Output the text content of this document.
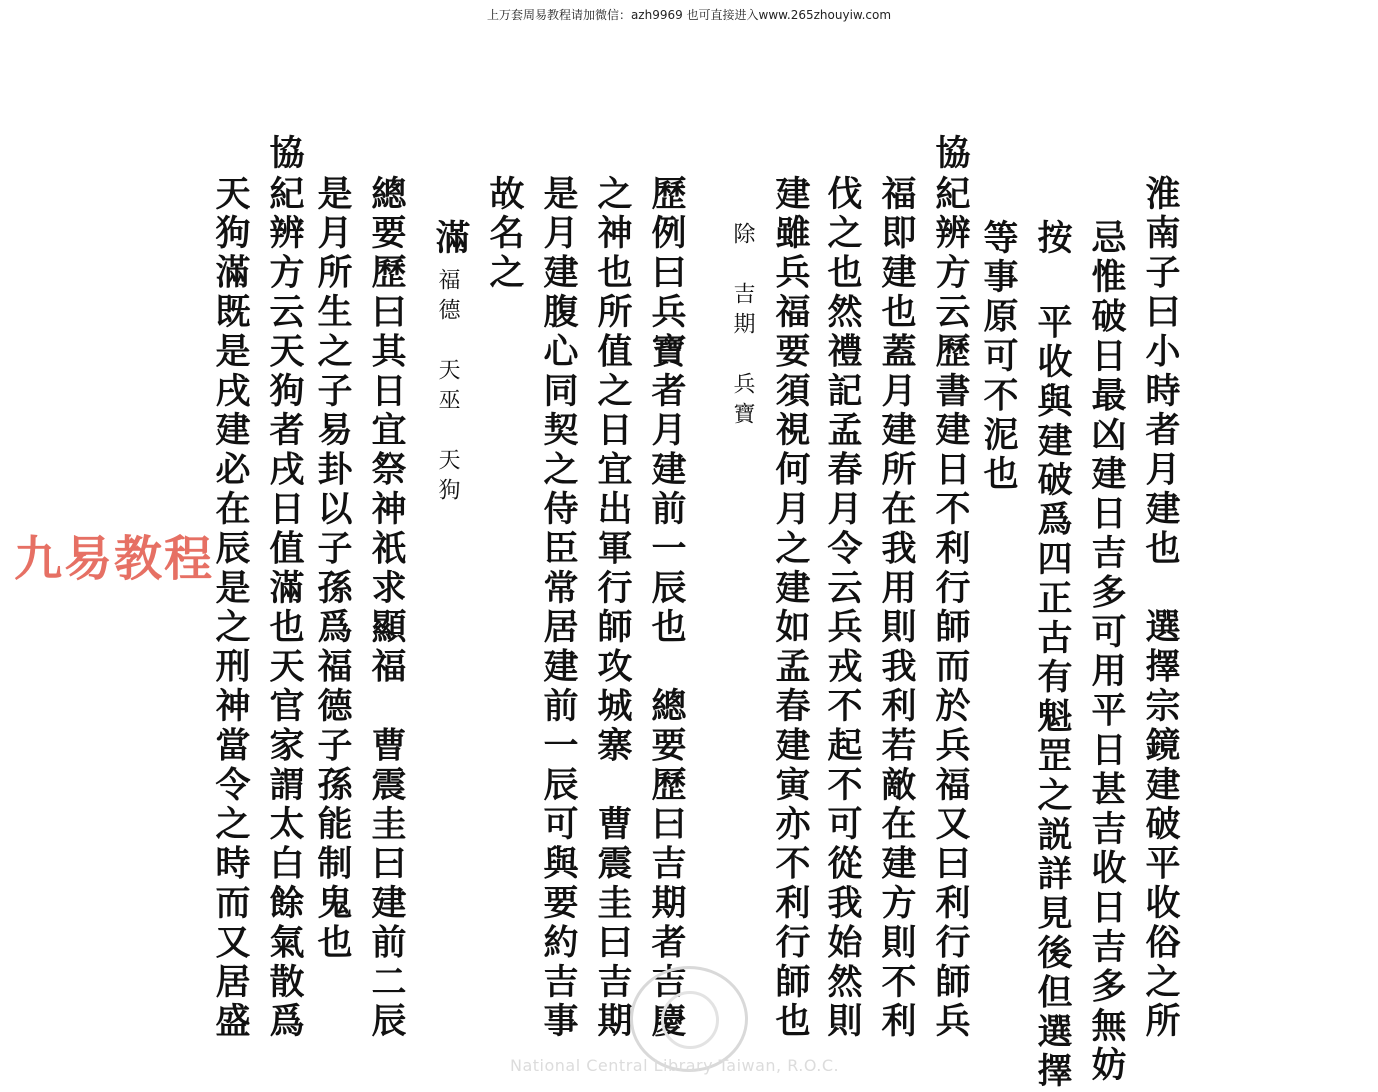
上万套周易教程请加微信：azh9969 也可直接进入www.265zhouyiw.com
淮南子曰小時者月建也　選擇宗鏡建破平收俗之所
忌惟破日最凶建日吉多可用平日甚吉收日吉多無妨
按 平收與建破爲四正古有魁罡之説詳見後但選擇
等事原可不泥也
協
紀辨方云歷書建日不利行師而於兵福又曰利行師兵
福即建也蓋月建所在我用則我利若敵在建方則不利
伐之也然禮記孟春月令云兵戎不起不可從我始然則
建雖兵福要須視何月之建如孟春建寅亦不利行師也
除　吉期　兵寶
歷例曰兵寶者月建前一辰也　總要歷曰吉期者吉慶
之神也所值之日宜出軍行師攻城寨　曹震圭曰吉期
是月建腹心同契之侍臣常居建前一辰可與要約吉事
故名之
滿
福德　天巫　天狗
總要歷曰其日宜祭神祇求顯福　曹震圭曰建前二辰
是月所生之子易卦以子孫爲福德子孫能制鬼也
協
紀辨方云天狗者戌日值滿也天官家謂太白餘氣散爲
天狗滿既是戌建必在辰是之刑神當令之時而又居盛
九易教程
National Central Library Taiwan, R.O.C.
